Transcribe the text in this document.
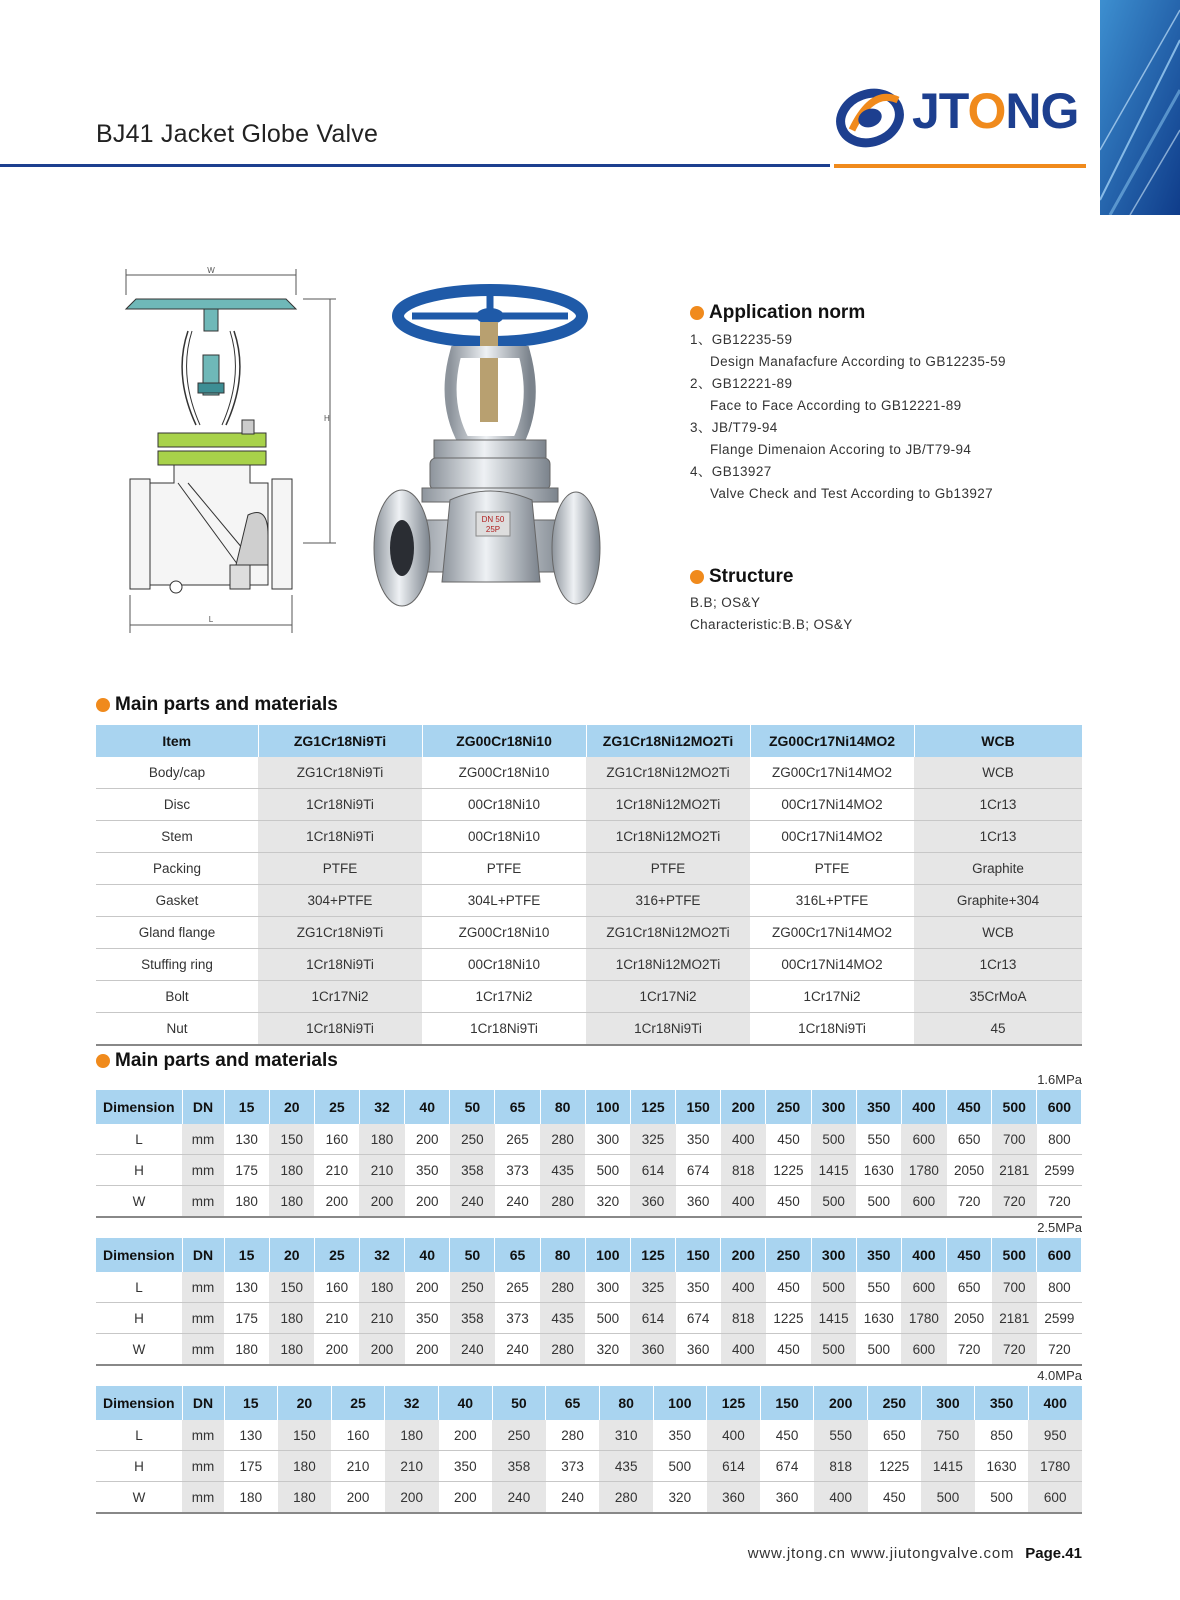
BJ41 Jacket Globe Valve	JTONG
W
H
L
DN 50
25P
Application norm
1、GB12235-59
Design Manafacfure According to GB12235-59
2、GB12221-89
Face to Face According to GB12221-89
3、JB/T79-94
Flange Dimenaion Accoring to JB/T79-94
4、GB13927
Valve Check and Test According to Gb13927
Structure
B.B; OS&Y
Characteristic:B.B; OS&Y
Main parts and materials
Item	ZG1Cr18Ni9Ti	ZG00Cr18Ni10	ZG1Cr18Ni12MO2Ti	ZG00Cr17Ni14MO2	WCB
Body/cap	ZG1Cr18Ni9Ti	ZG00Cr18Ni10	ZG1Cr18Ni12MO2Ti	ZG00Cr17Ni14MO2	WCB
Disc	1Cr18Ni9Ti	00Cr18Ni10	1Cr18Ni12MO2Ti	00Cr17Ni14MO2	1Cr13
Stem	1Cr18Ni9Ti	00Cr18Ni10	1Cr18Ni12MO2Ti	00Cr17Ni14MO2	1Cr13
Packing	PTFE	PTFE	PTFE	PTFE	Graphite
Gasket	304+PTFE	304L+PTFE	316+PTFE	316L+PTFE	Graphite+304
Gland flange	ZG1Cr18Ni9Ti	ZG00Cr18Ni10	ZG1Cr18Ni12MO2Ti	ZG00Cr17Ni14MO2	WCB
Stuffing ring	1Cr18Ni9Ti	00Cr18Ni10	1Cr18Ni12MO2Ti	00Cr17Ni14MO2	1Cr13
Bolt	1Cr17Ni2	1Cr17Ni2	1Cr17Ni2	1Cr17Ni2	35CrMoA
Nut	1Cr18Ni9Ti	1Cr18Ni9Ti	1Cr18Ni9Ti	1Cr18Ni9Ti	45
Main parts and materials
1.6MPa
Dimension	DN	15	20	25	32	40	50	65	80	100	125	150	200	250	300	350	400	450	500	600
L	mm	130	150	160	180	200	250	265	280	300	325	350	400	450	500	550	600	650	700	800
H	mm	175	180	210	210	350	358	373	435	500	614	674	818	1225	1415	1630	1780	2050	2181	2599
W	mm	180	180	200	200	200	240	240	280	320	360	360	400	450	500	500	600	720	720	720
2.5MPa
Dimension	DN	15	20	25	32	40	50	65	80	100	125	150	200	250	300	350	400	450	500	600
L	mm	130	150	160	180	200	250	265	280	300	325	350	400	450	500	550	600	650	700	800
H	mm	175	180	210	210	350	358	373	435	500	614	674	818	1225	1415	1630	1780	2050	2181	2599
W	mm	180	180	200	200	200	240	240	280	320	360	360	400	450	500	500	600	720	720	720
4.0MPa
Dimension	DN	15	20	25	32	40	50	65	80	100	125	150	200	250	300	350	400
L	mm	130	150	160	180	200	250	280	310	350	400	450	550	650	750	850	950
H	mm	175	180	210	210	350	358	373	435	500	614	674	818	1225	1415	1630	1780
W	mm	180	180	200	200	200	240	240	280	320	360	360	400	450	500	500	600
www.jtong.cn www.jiutongvalve.com Page.41
